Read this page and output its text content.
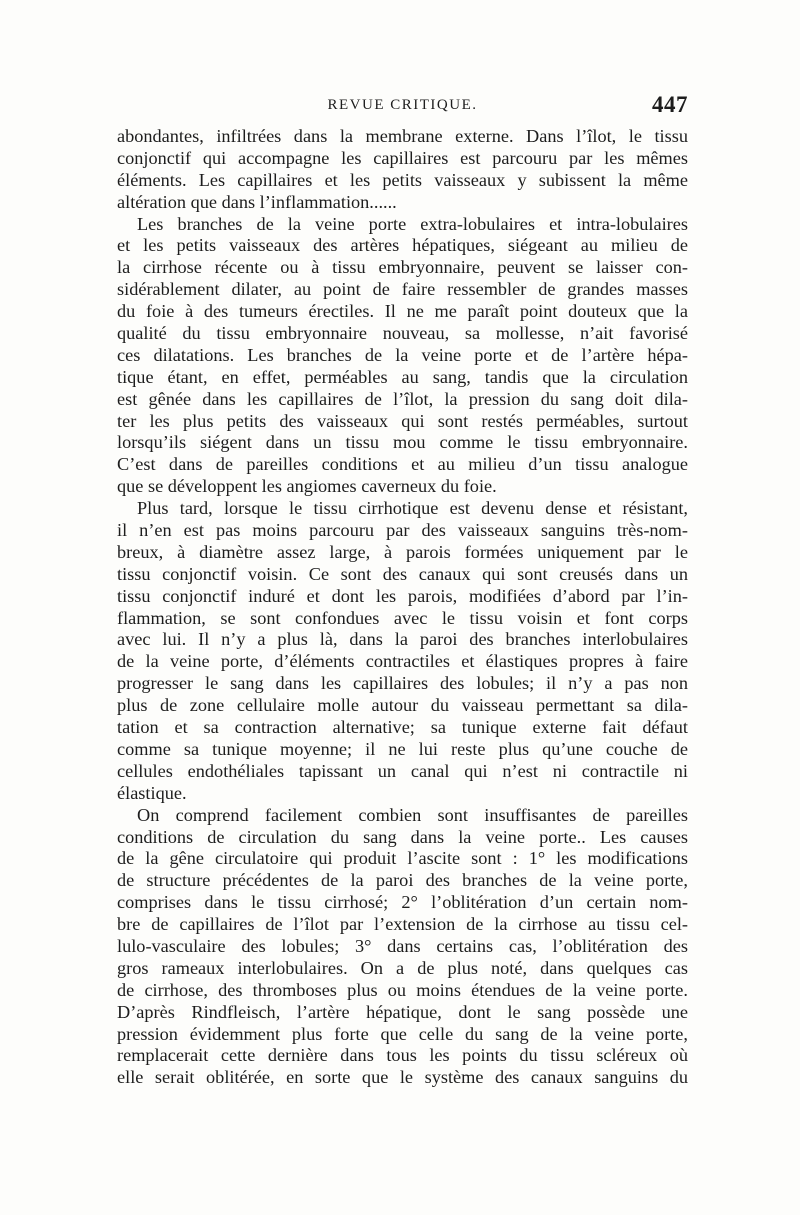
REVUE CRITIQUE.	447
abondantes, infiltrées dans la membrane externe. Dans l’îlot, le tissu
conjonctif qui accompagne les capillaires est parcouru par les mêmes
éléments. Les capillaires et les petits vaisseaux y subissent la même
altération que dans l’inflammation......
Les branches de la veine porte extra-lobulaires et intra-lobulaires
et les petits vaisseaux des artères hépatiques, siégeant au milieu de
la cirrhose récente ou à tissu embryonnaire, peuvent se laisser con-
sidérablement dilater, au point de faire ressembler de grandes masses
du foie à des tumeurs érectiles. Il ne me paraît point douteux que la
qualité du tissu embryonnaire nouveau, sa mollesse, n’ait favorisé
ces dilatations. Les branches de la veine porte et de l’artère hépa-
tique étant, en effet, perméables au sang, tandis que la circulation
est gênée dans les capillaires de l’îlot, la pression du sang doit dila-
ter les plus petits des vaisseaux qui sont restés perméables, surtout
lorsqu’ils siégent dans un tissu mou comme le tissu embryonnaire.
C’est dans de pareilles conditions et au milieu d’un tissu analogue
que se développent les angiomes caverneux du foie.
Plus tard, lorsque le tissu cirrhotique est devenu dense et résistant,
il n’en est pas moins parcouru par des vaisseaux sanguins très-nom-
breux, à diamètre assez large, à parois formées uniquement par le
tissu conjonctif voisin. Ce sont des canaux qui sont creusés dans un
tissu conjonctif induré et dont les parois, modifiées d’abord par l’in-
flammation, se sont confondues avec le tissu voisin et font corps
avec lui. Il n’y a plus là, dans la paroi des branches interlobulaires
de la veine porte, d’éléments contractiles et élastiques propres à faire
progresser le sang dans les capillaires des lobules; il n’y a pas non
plus de zone cellulaire molle autour du vaisseau permettant sa dila-
tation et sa contraction alternative; sa tunique externe fait défaut
comme sa tunique moyenne; il ne lui reste plus qu’une couche de
cellules endothéliales tapissant un canal qui n’est ni contractile ni
élastique.
On comprend facilement combien sont insuffisantes de pareilles
conditions de circulation du sang dans la veine porte.. Les causes
de la gêne circulatoire qui produit l’ascite sont : 1° les modifications
de structure précédentes de la paroi des branches de la veine porte,
comprises dans le tissu cirrhosé; 2° l’oblitération d’un certain nom-
bre de capillaires de l’îlot par l’extension de la cirrhose au tissu cel-
lulo-vasculaire des lobules; 3° dans certains cas, l’oblitération des
gros rameaux interlobulaires. On a de plus noté, dans quelques cas
de cirrhose, des thromboses plus ou moins étendues de la veine porte.
D’après Rindfleisch, l’artère hépatique, dont le sang possède une
pression évidemment plus forte que celle du sang de la veine porte,
remplacerait cette dernière dans tous les points du tissu scléreux où
elle serait oblitérée, en sorte que le système des canaux sanguins du
